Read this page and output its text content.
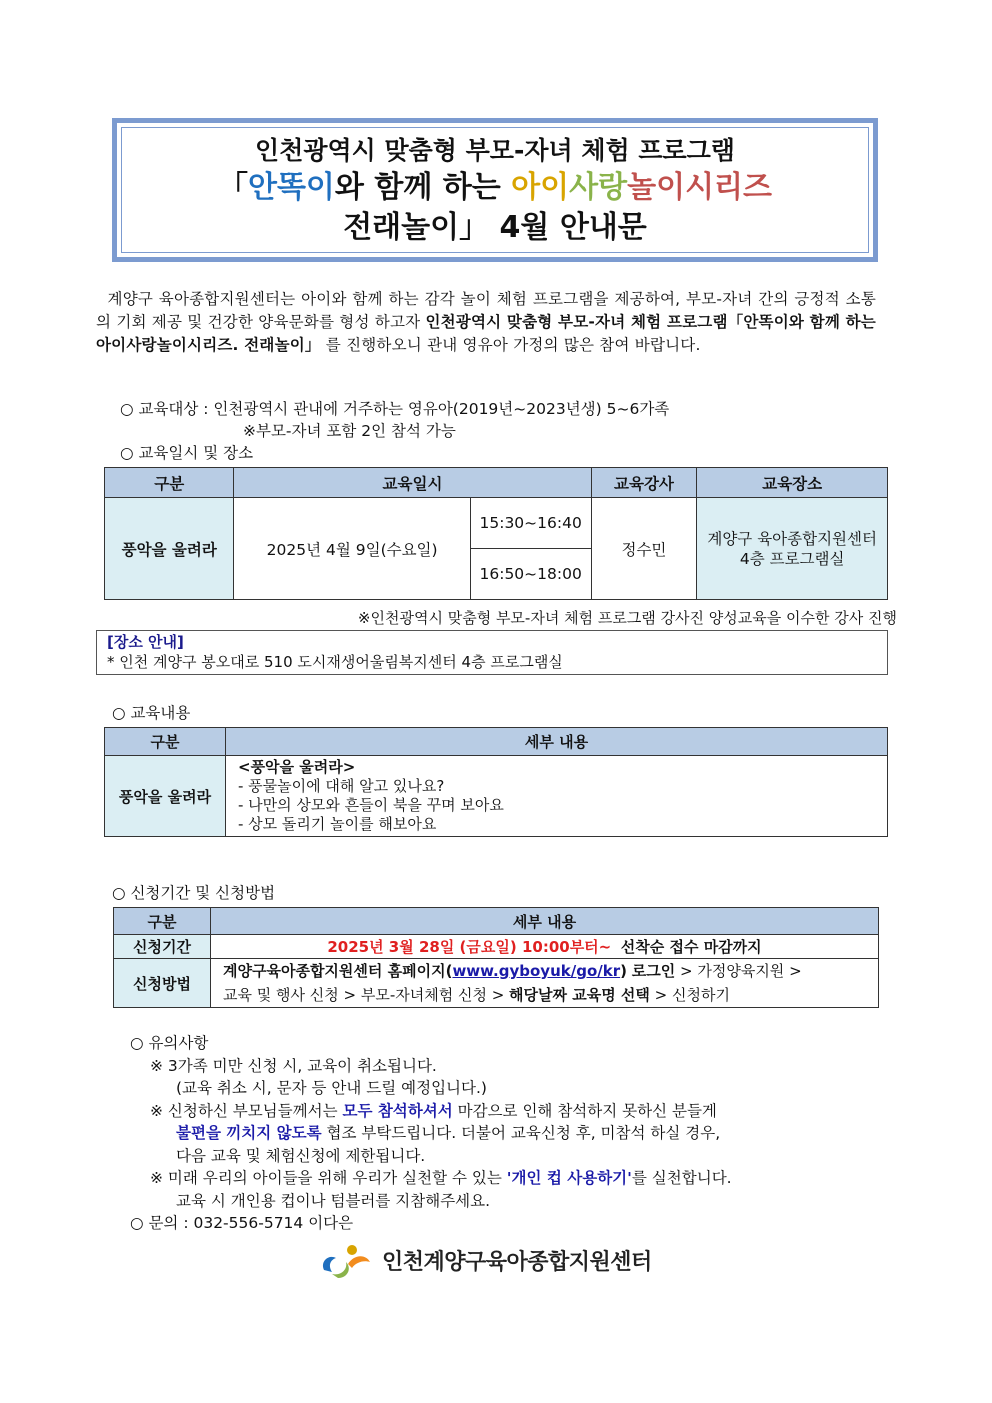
인천광역시 맞춤형 부모-자녀 체험 프로그램
「안똑이와 함께 하는 아이사랑놀이시리즈
전래놀이」 4월 안내문
계양구 육아종합지원센터는 아이와 함께 하는 감각 놀이 체험 프로그램을 제공하여, 부모-자녀 간의 긍정적 소통의 기회 제공 및 건강한 양육문화를 형성 하고자 인천광역시 맞춤형 부모-자녀 체험 프로그램「안똑이와 함께 하는 아이사랑놀이시리즈. 전래놀이」 를 진행하오니 관내 영유아 가정의 많은 참여 바랍니다.
○ 교육대상 : 인천광역시 관내에 거주하는 영유아(2019년~2023년생) 5~6가족
※부모-자녀 포함 2인 참석 가능
○ 교육일시 및 장소
구분	교육일시		교육강사	교육장소
풍악을 울려라	2025년 4월 9일(수요일)	15:30~16:40	정수민	계양구 육아종합지원센터
4층 프로그램실
		16:50~18:00		
※인천광역시 맞춤형 부모-자녀 체험 프로그램 강사진 양성교육을 이수한 강사 진행
[장소 안내]
* 인천 계양구 봉오대로 510 도시재생어울림복지센터 4층 프로그램실
○ 교육내용
구분	세부 내용
풍악을 울려라	<풍악을 울려라>
- 풍물놀이에 대해 알고 있나요?
- 나만의 상모와 흔들이 북을 꾸며 보아요
- 상모 돌리기 놀이를 해보아요
○ 신청기간 및 신청방법
구분	세부 내용
신청기간	2025년 3월 28일 (금요일) 10:00부터~ 선착순 접수 마감까지
신청방법	계양구육아종합지원센터 홈페이지(www.gyboyuk/go/kr) 로그인 > 가정양육지원 >
교육 및 행사 신청 > 부모-자녀체험 신청 > 해당날짜 교육명 선택 > 신청하기
○ 유의사항
※ 3가족 미만 신청 시, 교육이 취소됩니다.
(교육 취소 시, 문자 등 안내 드릴 예정입니다.)
※ 신청하신 부모님들께서는 모두 참석하셔서 마감으로 인해 참석하지 못하신 분들게
불편을 끼치지 않도록 협조 부탁드립니다. 더불어 교육신청 후, 미참석 하실 경우,
다음 교육 및 체험신청에 제한됩니다.
※ 미래 우리의 아이들을 위해 우리가 실천할 수 있는 '개인 컵 사용하기'를 실천합니다.
교육 시 개인용 컵이나 텀블러를 지참해주세요.
○ 문의 : 032-556-5714 이다은
인천계양구육아종합지원센터
